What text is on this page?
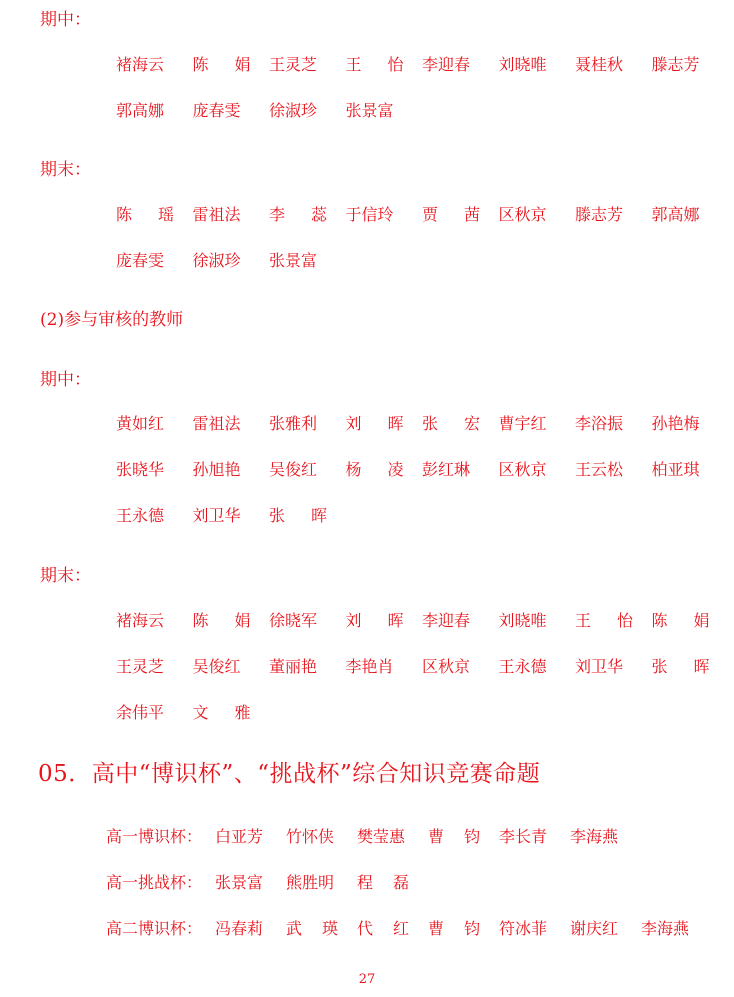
期中：
褚海云	陈 娟 王灵芝	王 怡 李迎春	刘晓唯	聂桂秋	滕志芳
郭高娜	庞春雯	徐淑珍	张景富
期末：
陈 瑶 雷祖法	李 蕊 于信玲	贾 茜 区秋京	滕志芳	郭高娜
庞春雯	徐淑珍	张景富
(2)参与审核的教师
期中：
黄如红	雷祖法	张雅利	刘 晖 张 宏 曹宇红	李浴振	孙艳梅
张晓华	孙旭艳	吴俊红	杨 凌 彭红琳	区秋京	王云松	柏亚琪
王永德	刘卫华	张 晖
期末：
褚海云	陈 娟 徐晓军	刘 晖 李迎春	刘晓唯	王 怡 陈 娟
王灵芝	吴俊红	董丽艳	李艳肖	区秋京	王永德	刘卫华	张 晖
余伟平	文 雅
05．高中“博识杯”、“挑战杯”综合知识竞赛命题
高一博识杯： 白亚芳 竹怀侠 樊莹惠 曹 钧 李长青 李海燕
高一挑战杯： 张景富 熊胜明 程 磊
高二博识杯： 冯春莉 武 瑛 代 红 曹 钧 符冰菲 谢庆红 李海燕
27
